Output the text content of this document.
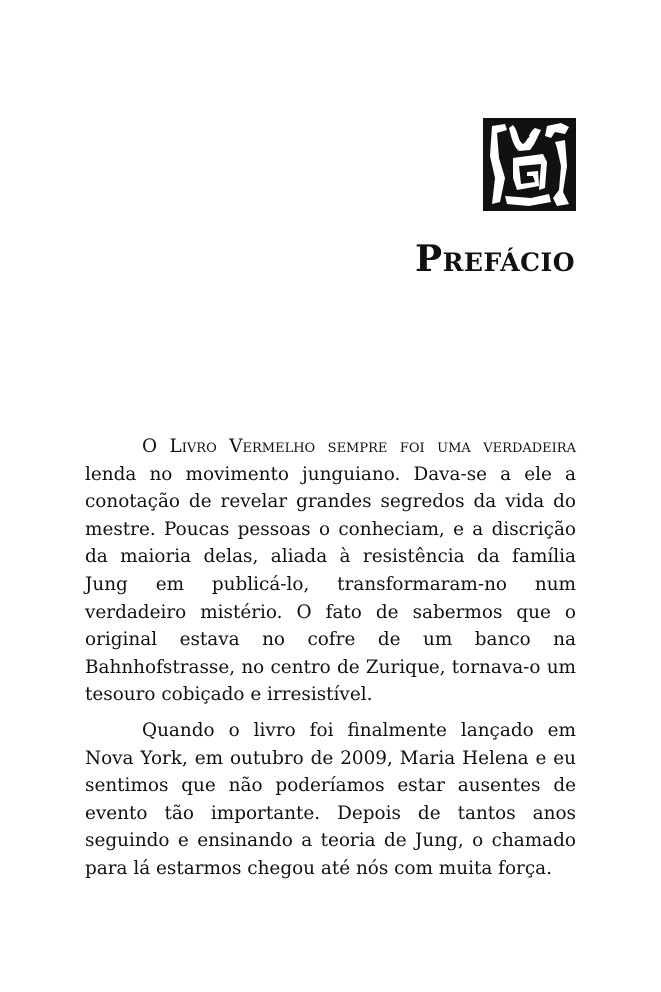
Prefácio

O Livro Vermelho sempre foi uma verdadeira lenda no movimento junguiano. Dava-se a ele a conotação de revelar grandes segredos da vida do mestre. Poucas pessoas o conheciam, e a discrição da maioria delas, aliada à resistência da família Jung em publicá-lo, transformaram-no num verdadeiro mistério. O fato de sabermos que o original estava no cofre de um banco na Bahnhofstrasse, no centro de Zurique, tornava-o um tesouro cobiçado e irresistível.

Quando o livro foi finalmente lançado em Nova York, em outubro de 2009, Maria Helena e eu sentimos que não poderíamos estar ausentes de evento tão importante. Depois de tantos anos seguindo e ensinando a teoria de Jung, o chamado para lá estarmos chegou até nós com muita força.
